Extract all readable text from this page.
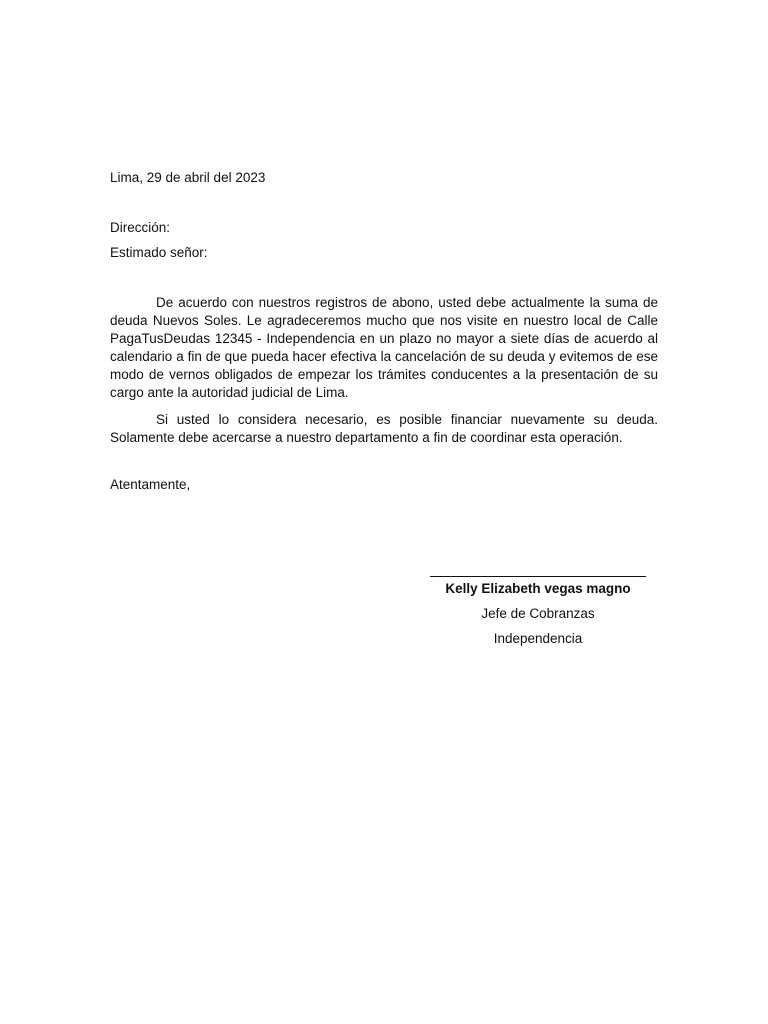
Lima, 29 de abril del 2023
Dirección:
Estimado señor:

De acuerdo con nuestros registros de abono, usted debe actualmente la suma de deuda Nuevos Soles. Le agradeceremos mucho que nos visite en nuestro local de Calle PagaTusDeudas 12345 - Independencia en un plazo no mayor a siete días de acuerdo al calendario a fin de que pueda hacer efectiva la cancelación de su deuda y evitemos de ese modo de vernos obligados de empezar los trámites conducentes a la presentación de su cargo ante la autoridad judicial de Lima.

Si usted lo considera necesario, es posible financiar nuevamente su deuda. Solamente debe acercarse a nuestro departamento a fin de coordinar esta operación.

Atentamente,
Kelly Elizabeth vegas magno
Jefe de Cobranzas
Independencia
